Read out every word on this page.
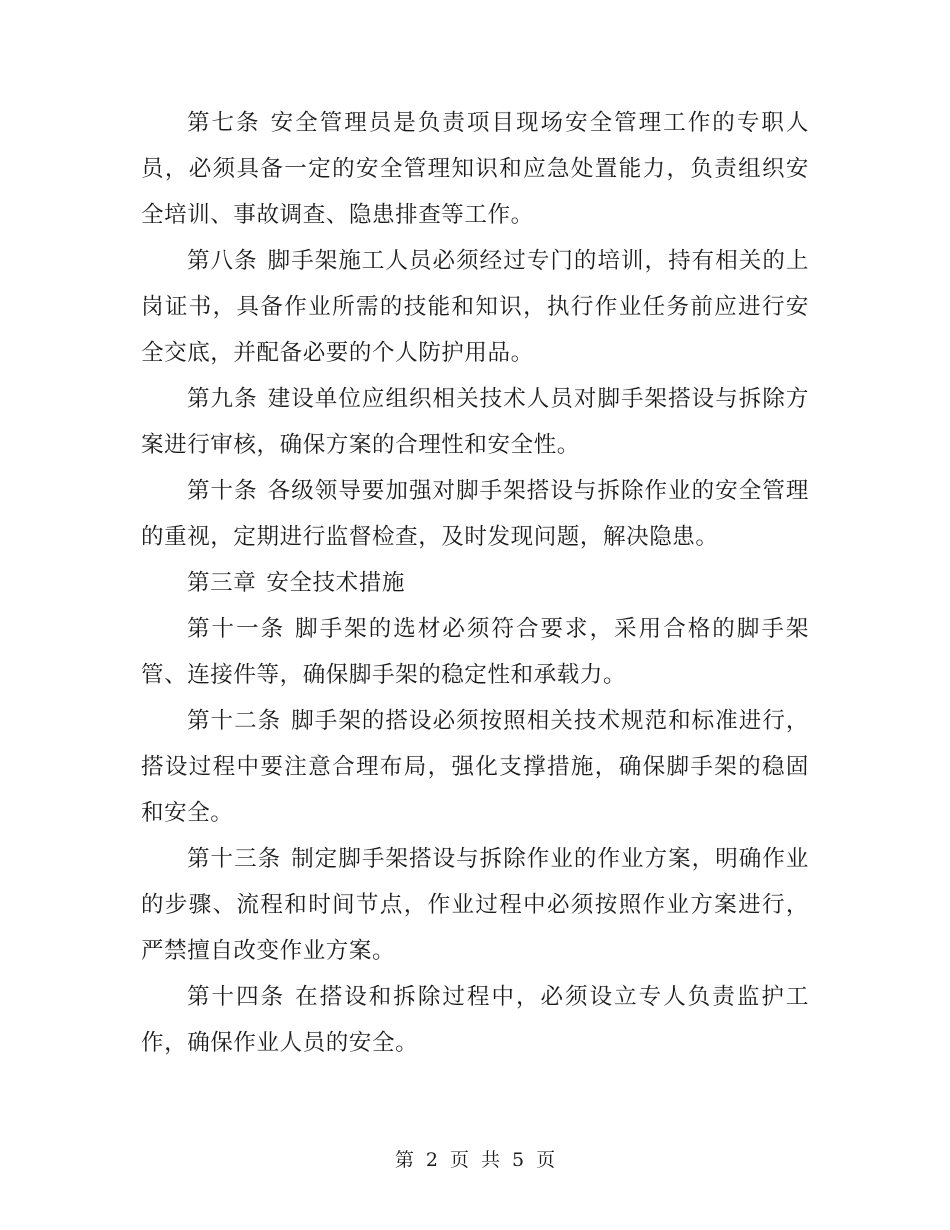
第七条 安全管理员是负责项目现场安全管理工作的专职人员，必须具备一定的安全管理知识和应急处置能力，负责组织安全培训、事故调查、隐患排查等工作。

第八条 脚手架施工人员必须经过专门的培训，持有相关的上岗证书，具备作业所需的技能和知识，执行作业任务前应进行安全交底，并配备必要的个人防护用品。

第九条 建设单位应组织相关技术人员对脚手架搭设与拆除方案进行审核，确保方案的合理性和安全性。

第十条 各级领导要加强对脚手架搭设与拆除作业的安全管理的重视，定期进行监督检查，及时发现问题，解决隐患。

第三章 安全技术措施

第十一条 脚手架的选材必须符合要求，采用合格的脚手架管、连接件等，确保脚手架的稳定性和承载力。

第十二条 脚手架的搭设必须按照相关技术规范和标准进行，搭设过程中要注意合理布局，强化支撑措施，确保脚手架的稳固和安全。

第十三条 制定脚手架搭设与拆除作业的作业方案，明确作业的步骤、流程和时间节点，作业过程中必须按照作业方案进行，严禁擅自改变作业方案。

第十四条 在搭设和拆除过程中，必须设立专人负责监护工作，确保作业人员的安全。

第 2 页 共 5 页
